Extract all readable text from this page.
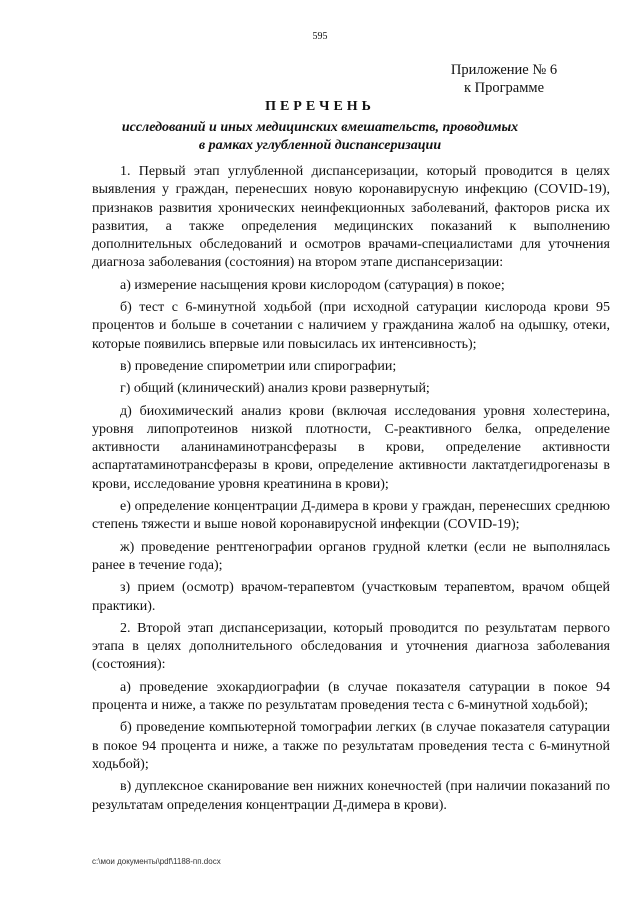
595
Приложение № 6
к Программе
ПЕРЕЧЕНЬ
исследований и иных медицинских вмешательств, проводимых
в рамках углубленной диспансеризации

1. Первый этап углубленной диспансеризации, который проводится в целях выявления у граждан, перенесших новую коронавирусную инфекцию (COVID-19), признаков развития хронических неинфекционных заболеваний, факторов риска их развития, а также определения медицинских показаний к выполнению дополнительных обследований и осмотров врачами-специалистами для уточнения диагноза заболевания (состояния) на втором этапе диспансеризации:

а) измерение насыщения крови кислородом (сатурация) в покое;

б) тест с 6-минутной ходьбой (при исходной сатурации кислорода крови 95 процентов и больше в сочетании с наличием у гражданина жалоб на одышку, отеки, которые появились впервые или повысилась их интенсивность);

в) проведение спирометрии или спирографии;

г) общий (клинический) анализ крови развернутый;

д) биохимический анализ крови (включая исследования уровня холестерина, уровня липопротеинов низкой плотности, С-реактивного белка, определение активности аланинаминотрансферазы в крови, определение активности аспартатаминотрансферазы в крови, определение активности лактатдегидрогеназы в крови, исследование уровня креатинина в крови);

е) определение концентрации Д-димера в крови у граждан, перенесших среднюю степень тяжести и выше новой коронавирусной инфекции (COVID-19);

ж) проведение рентгенографии органов грудной клетки (если не выполнялась ранее в течение года);

з) прием (осмотр) врачом-терапевтом (участковым терапевтом, врачом общей практики).

2. Второй этап диспансеризации, который проводится по результатам первого этапа в целях дополнительного обследования и уточнения диагноза заболевания (состояния):

а) проведение эхокардиографии (в случае показателя сатурации в покое 94 процента и ниже, а также по результатам проведения теста с 6-минутной ходьбой);

б) проведение компьютерной томографии легких (в случае показателя сатурации в покое 94 процента и ниже, а также по результатам проведения теста с 6-минутной ходьбой);

в) дуплексное сканирование вен нижних конечностей (при наличии показаний по результатам определения концентрации Д-димера в крови).

c:\мои документы\pdf\1188-пп.docx
